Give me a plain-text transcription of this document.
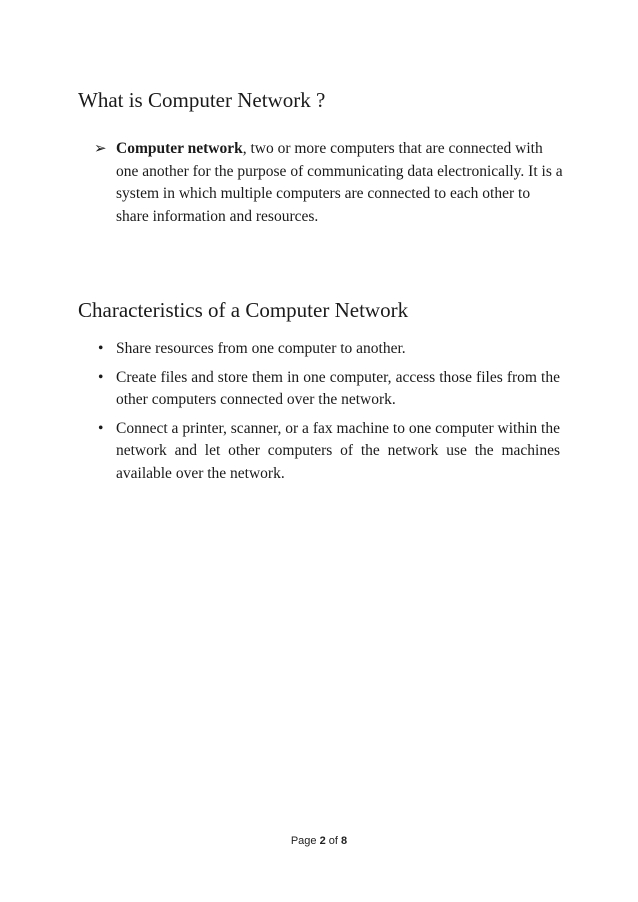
What is Computer Network ?
➢ Computer network, two or more computers that are connected with one another for the purpose of communicating data electronically. It is a system in which multiple computers are connected to each other to share information and resources.
Characteristics of a Computer Network
• Share resources from one computer to another.
• Create files and store them in one computer, access those files from the other computers connected over the network.
• Connect a printer, scanner, or a fax machine to one computer within the network and let other computers of the network use the machines available over the network.
Page 2 of 8
